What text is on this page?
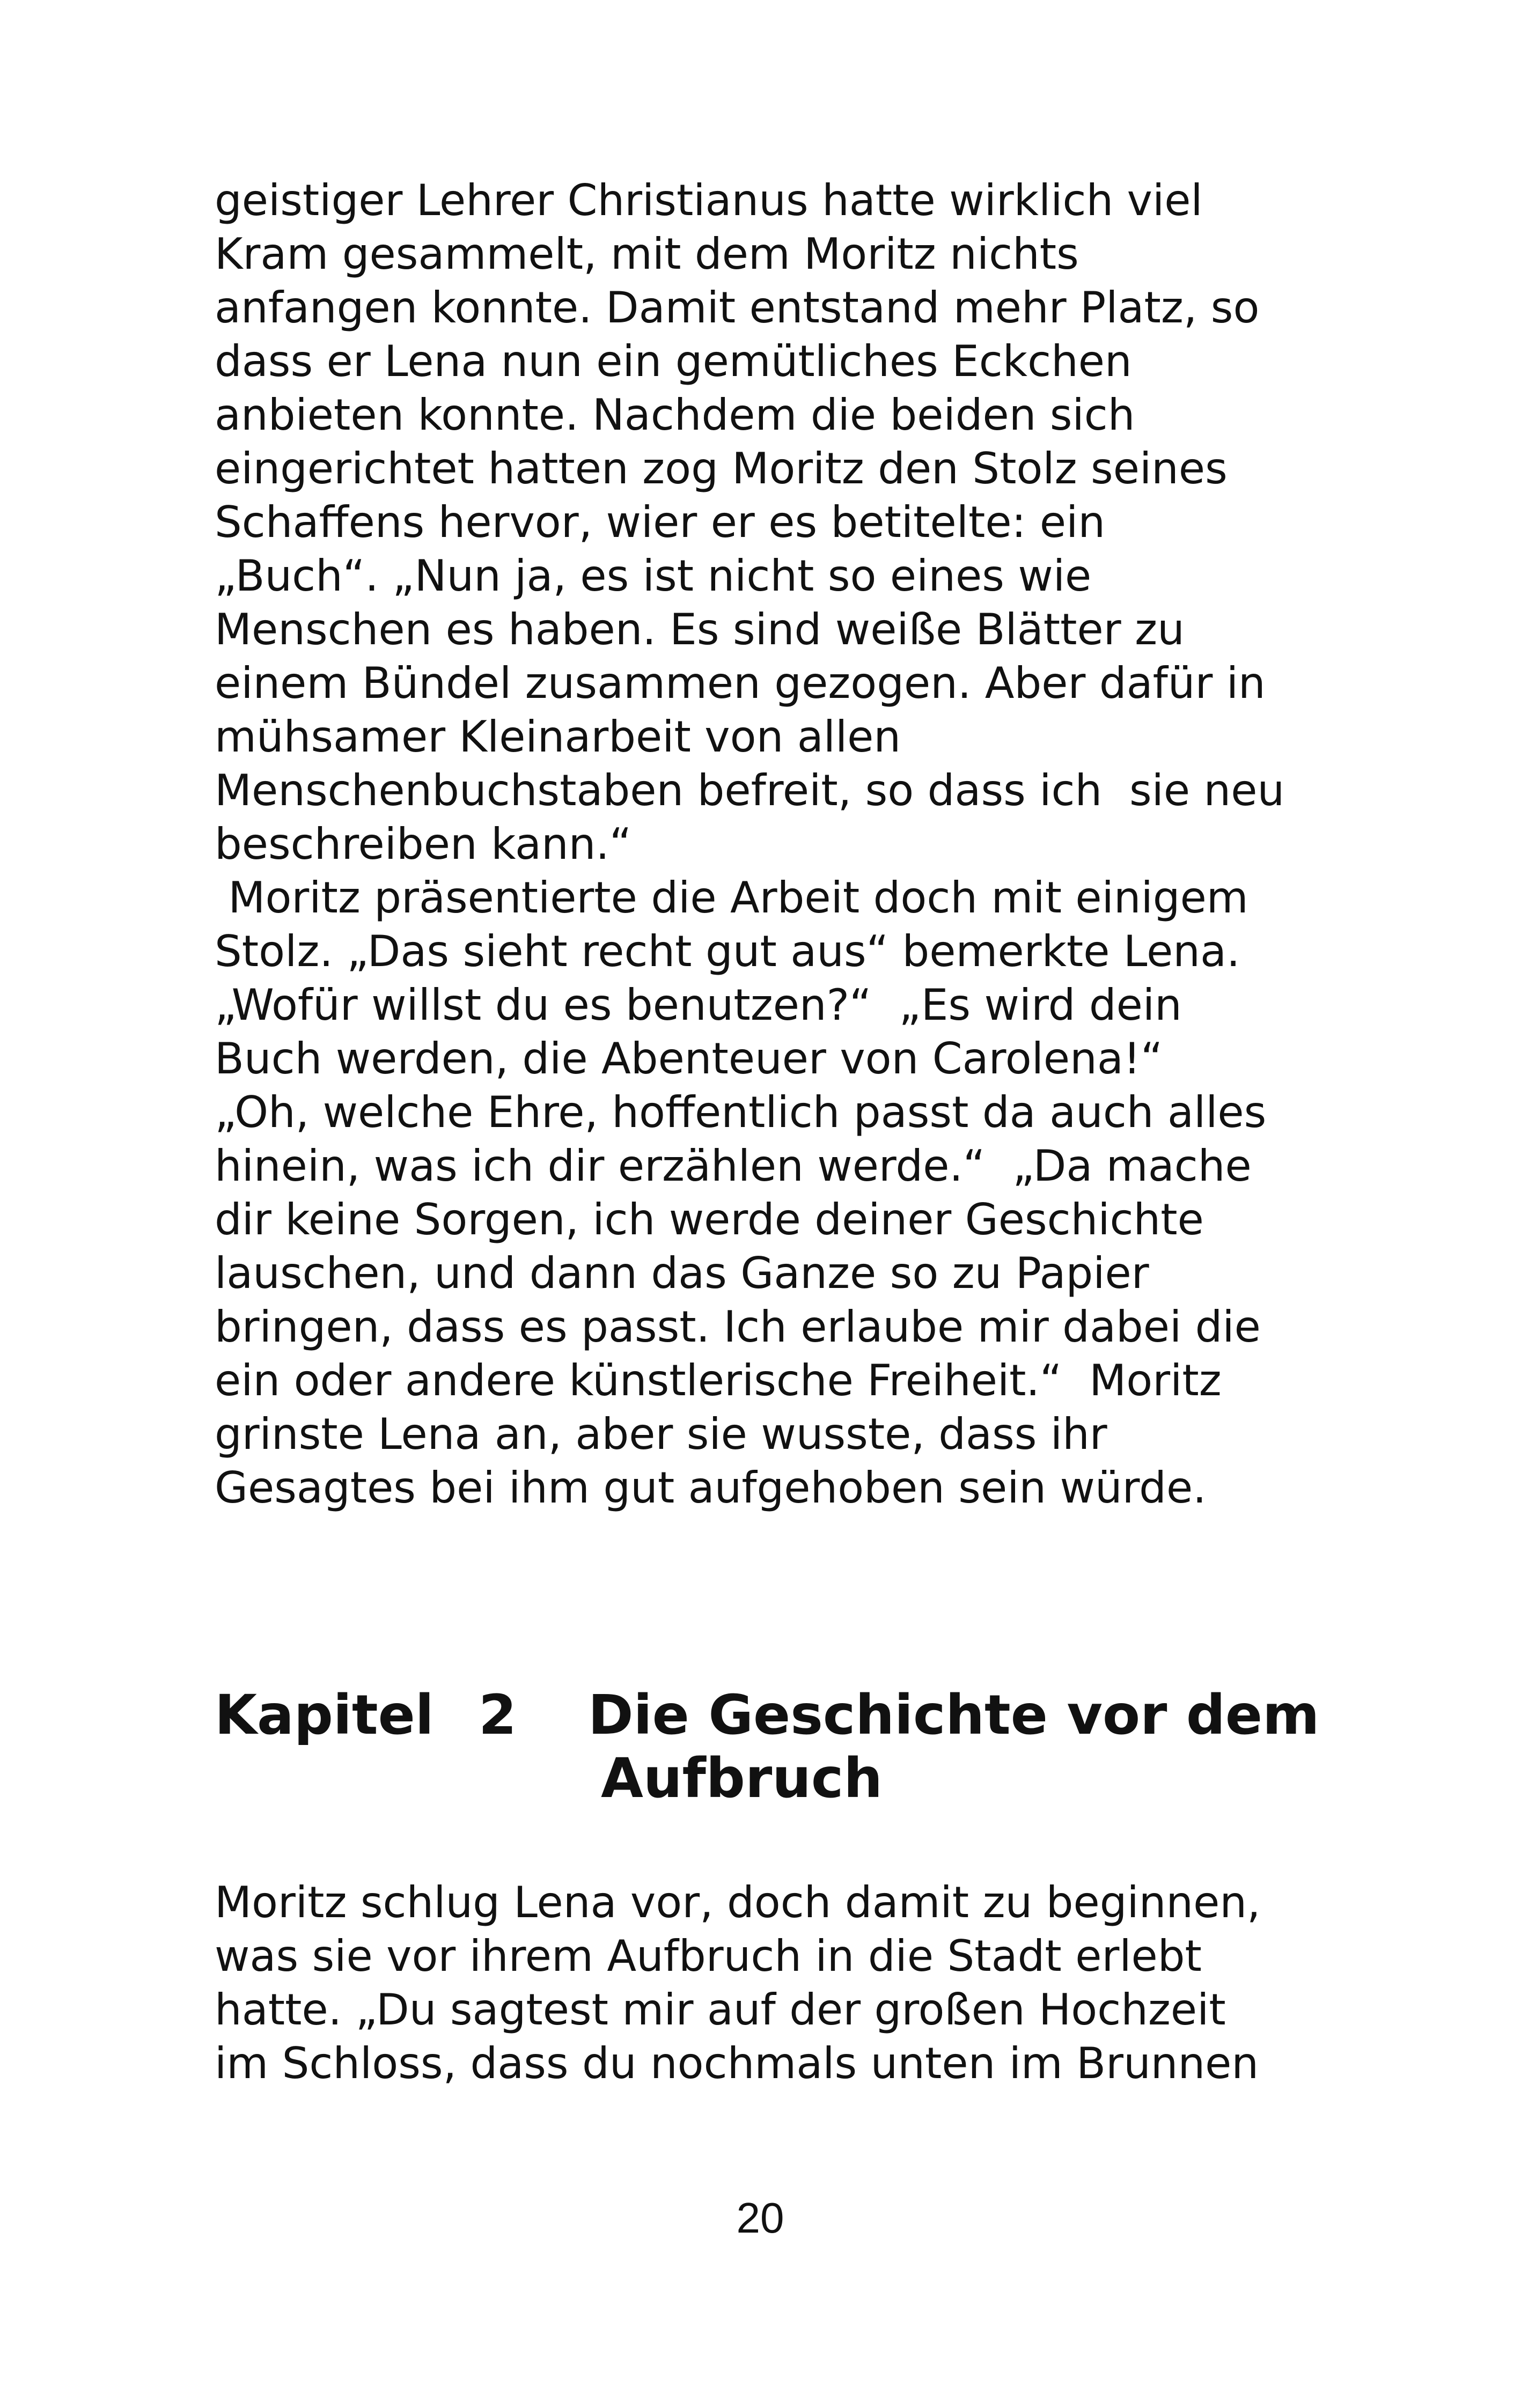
geistiger Lehrer Christianus hatte wirklich viel
Kram gesammelt, mit dem Moritz nichts
anfangen konnte. Damit entstand mehr Platz, so
dass er Lena nun ein gemütliches Eckchen
anbieten konnte. Nachdem die beiden sich
eingerichtet hatten zog Moritz den Stolz seines
Schaffens hervor, wier er es betitelte: ein
„Buch“. „Nun ja, es ist nicht so eines wie
Menschen es haben. Es sind weiße Blätter zu
einem Bündel zusammen gezogen. Aber dafür in
mühsamer Kleinarbeit von allen
Menschenbuchstaben befreit, so dass ich  sie neu
beschreiben kann.“
Moritz präsentierte die Arbeit doch mit einigem
Stolz. „Das sieht recht gut aus“ bemerkte Lena.
„Wofür willst du es benutzen?“  „Es wird dein
Buch werden, die Abenteuer von Carolena!“
„Oh, welche Ehre, hoffentlich passt da auch alles
hinein, was ich dir erzählen werde.“  „Da mache
dir keine Sorgen, ich werde deiner Geschichte
lauschen, und dann das Ganze so zu Papier
bringen, dass es passt. Ich erlaube mir dabei die
ein oder andere künstlerische Freiheit.“  Moritz
grinste Lena an, aber sie wusste, dass ihr
Gesagtes bei ihm gut aufgehoben sein würde.
Kapitel 2 Die Geschichte vor dem
Aufbruch
Moritz schlug Lena vor, doch damit zu beginnen,
was sie vor ihrem Aufbruch in die Stadt erlebt
hatte. „Du sagtest mir auf der großen Hochzeit
im Schloss, dass du nochmals unten im Brunnen
20
